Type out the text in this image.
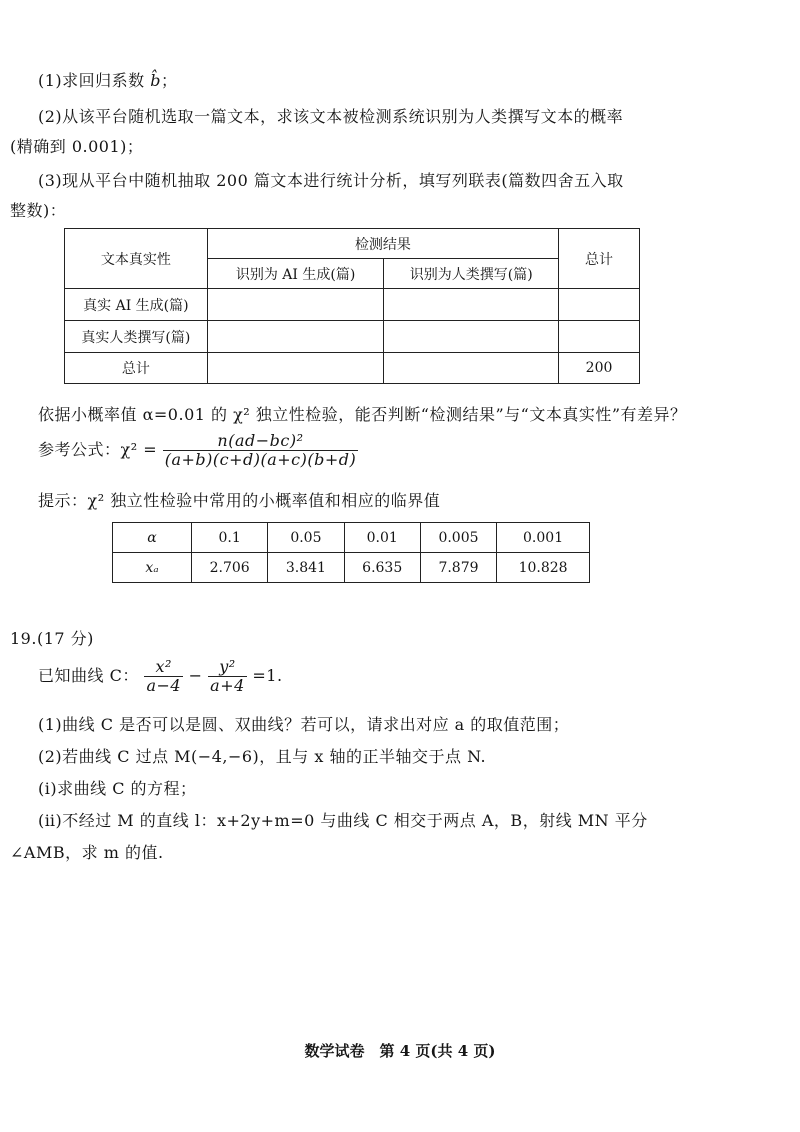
(1)求回归系数 b̂；
(2)从该平台随机选取一篇文本，求该文本被检测系统识别为人类撰写文本的概率
(精确到 0.001)；
(3)现从平台中随机抽取 200 篇文本进行统计分析，填写列联表(篇数四舍五入取
整数)：
文本真实性	检测结果		总计
	识别为 AI 生成(篇)	识别为人类撰写(篇)	
真实 AI 生成(篇)			
真实人类撰写(篇)			
总计			200
依据小概率值 α=0.01 的 χ² 独立性检验，能否判断“检测结果”与“文本真实性”有差异？
参考公式：$\chi^2 = \frac{\text{n(ad−bc)²}}{(a+b)(c+d)(a+c)(b+d)}$
提示：χ² 独立性检验中常用的小概率值和相应的临界值
α	0.1	0.05	0.01	0.005	0.001
xₐ	2.706	3.841	6.635	7.879	10.828
19.(17 分)
已知曲线 C： $\frac{\text{x²}}{a-4} - \frac{\text{y²}}{a+4} =1$.
(1)曲线 C 是否可以是圆、双曲线？若可以，请求出对应 a 的取值范围；
(2)若曲线 C 过点 M(−4,−6)，且与 x 轴的正半轴交于点 N.
(ⅰ)求曲线 C 的方程；
(ⅱ)不经过 M 的直线 l：x+2y+m=0 与曲线 C 相交于两点 A，B，射线 MN 平分
∠AMB，求 m 的值.
数学试卷　第 4 页(共 4 页)
